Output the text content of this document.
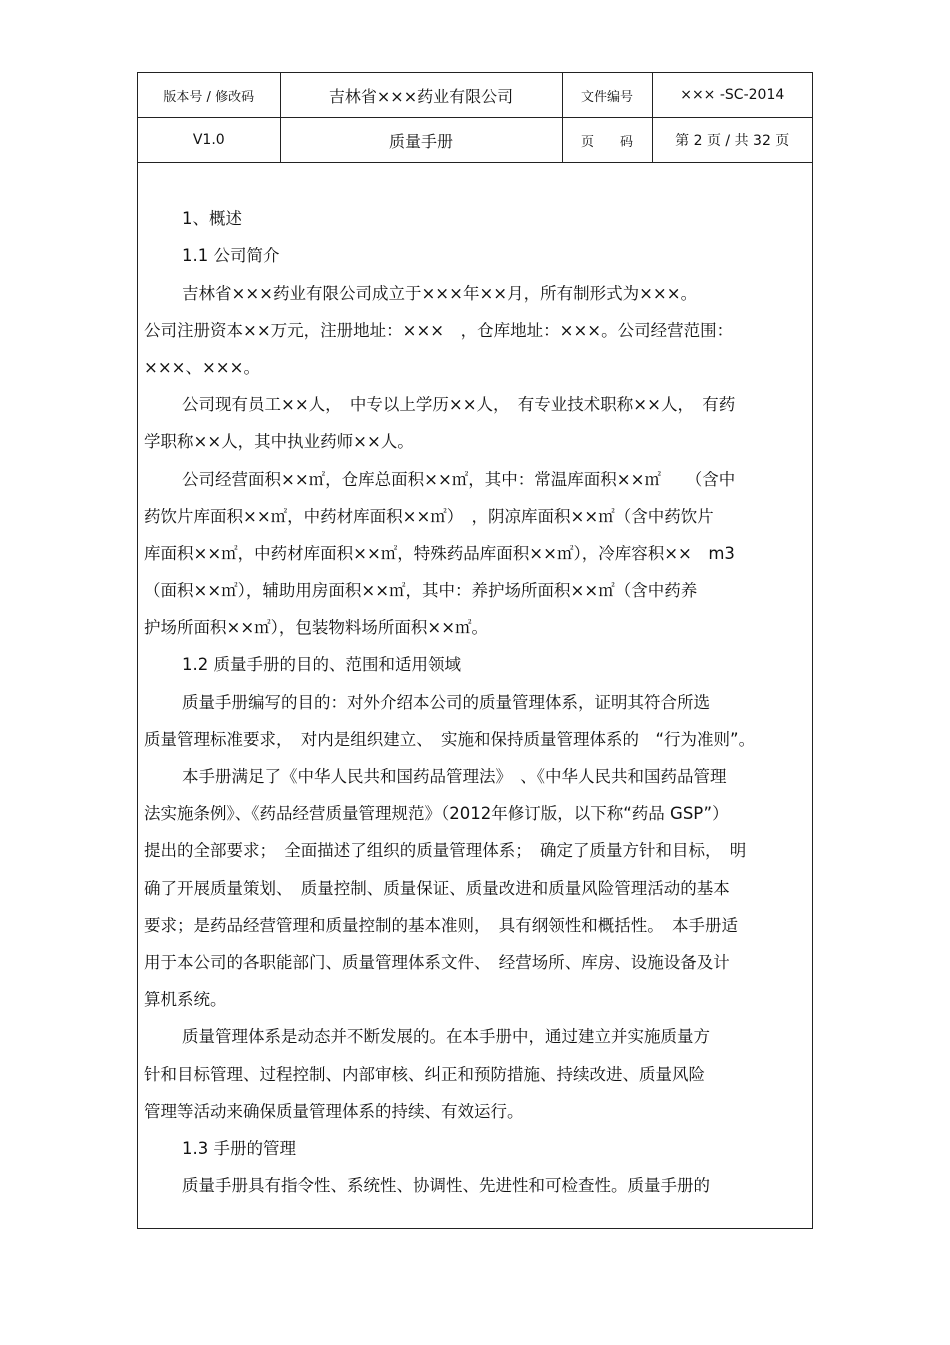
版本号 / 修改码	吉林省×××药业有限公司	文件编号	××× -SC-2014
V1.0	质量手册	页　　码	第 2 页 / 共 32 页
1、概述
1.1 公司简介
吉林省×××药业有限公司成立于×××年××月，所有制形式为×××。
公司注册资本××万元，注册地址：×××　，仓库地址：×××。公司经营范围：
×××、×××。
公司现有员工××人，　中专以上学历××人，　有专业技术职称××人，　有药
学职称××人，其中执业药师××人。
公司经营面积××㎡，仓库总面积××㎡，其中：常温库面积××㎡　　（含中
药饮片库面积××㎡，中药材库面积××㎡）　，阴凉库面积××㎡（含中药饮片
库面积××㎡，中药材库面积××㎡，特殊药品库面积××㎡），冷库容积××　m3
（面积××㎡），辅助用房面积××㎡，其中：养护场所面积××㎡（含中药养
护场所面积××㎡），包装物料场所面积××㎡。
1.2 质量手册的目的、范围和适用领域
质量手册编写的目的：对外介绍本公司的质量管理体系，证明其符合所选
质量管理标准要求，　对内是组织建立、　实施和保持质量管理体系的　“行为准则”。
本手册满足了《中华人民共和国药品管理法》　、《中华人民共和国药品管理
法实施条例》、《药品经营质量管理规范》（2012年修订版，以下称“药品 GSP”）
提出的全部要求；　全面描述了组织的质量管理体系；　确定了质量方针和目标，　明
确了开展质量策划、　质量控制、质量保证、质量改进和质量风险管理活动的基本
要求；是药品经营管理和质量控制的基本准则，　具有纲领性和概括性。　本手册适
用于本公司的各职能部门、质量管理体系文件、　经营场所、库房、设施设备及计
算机系统。
质量管理体系是动态并不断发展的。在本手册中，通过建立并实施质量方
针和目标管理、过程控制、内部审核、纠正和预防措施、持续改进、质量风险
管理等活动来确保质量管理体系的持续、有效运行。
1.3 手册的管理
质量手册具有指令性、系统性、协调性、先进性和可检查性。质量手册的
